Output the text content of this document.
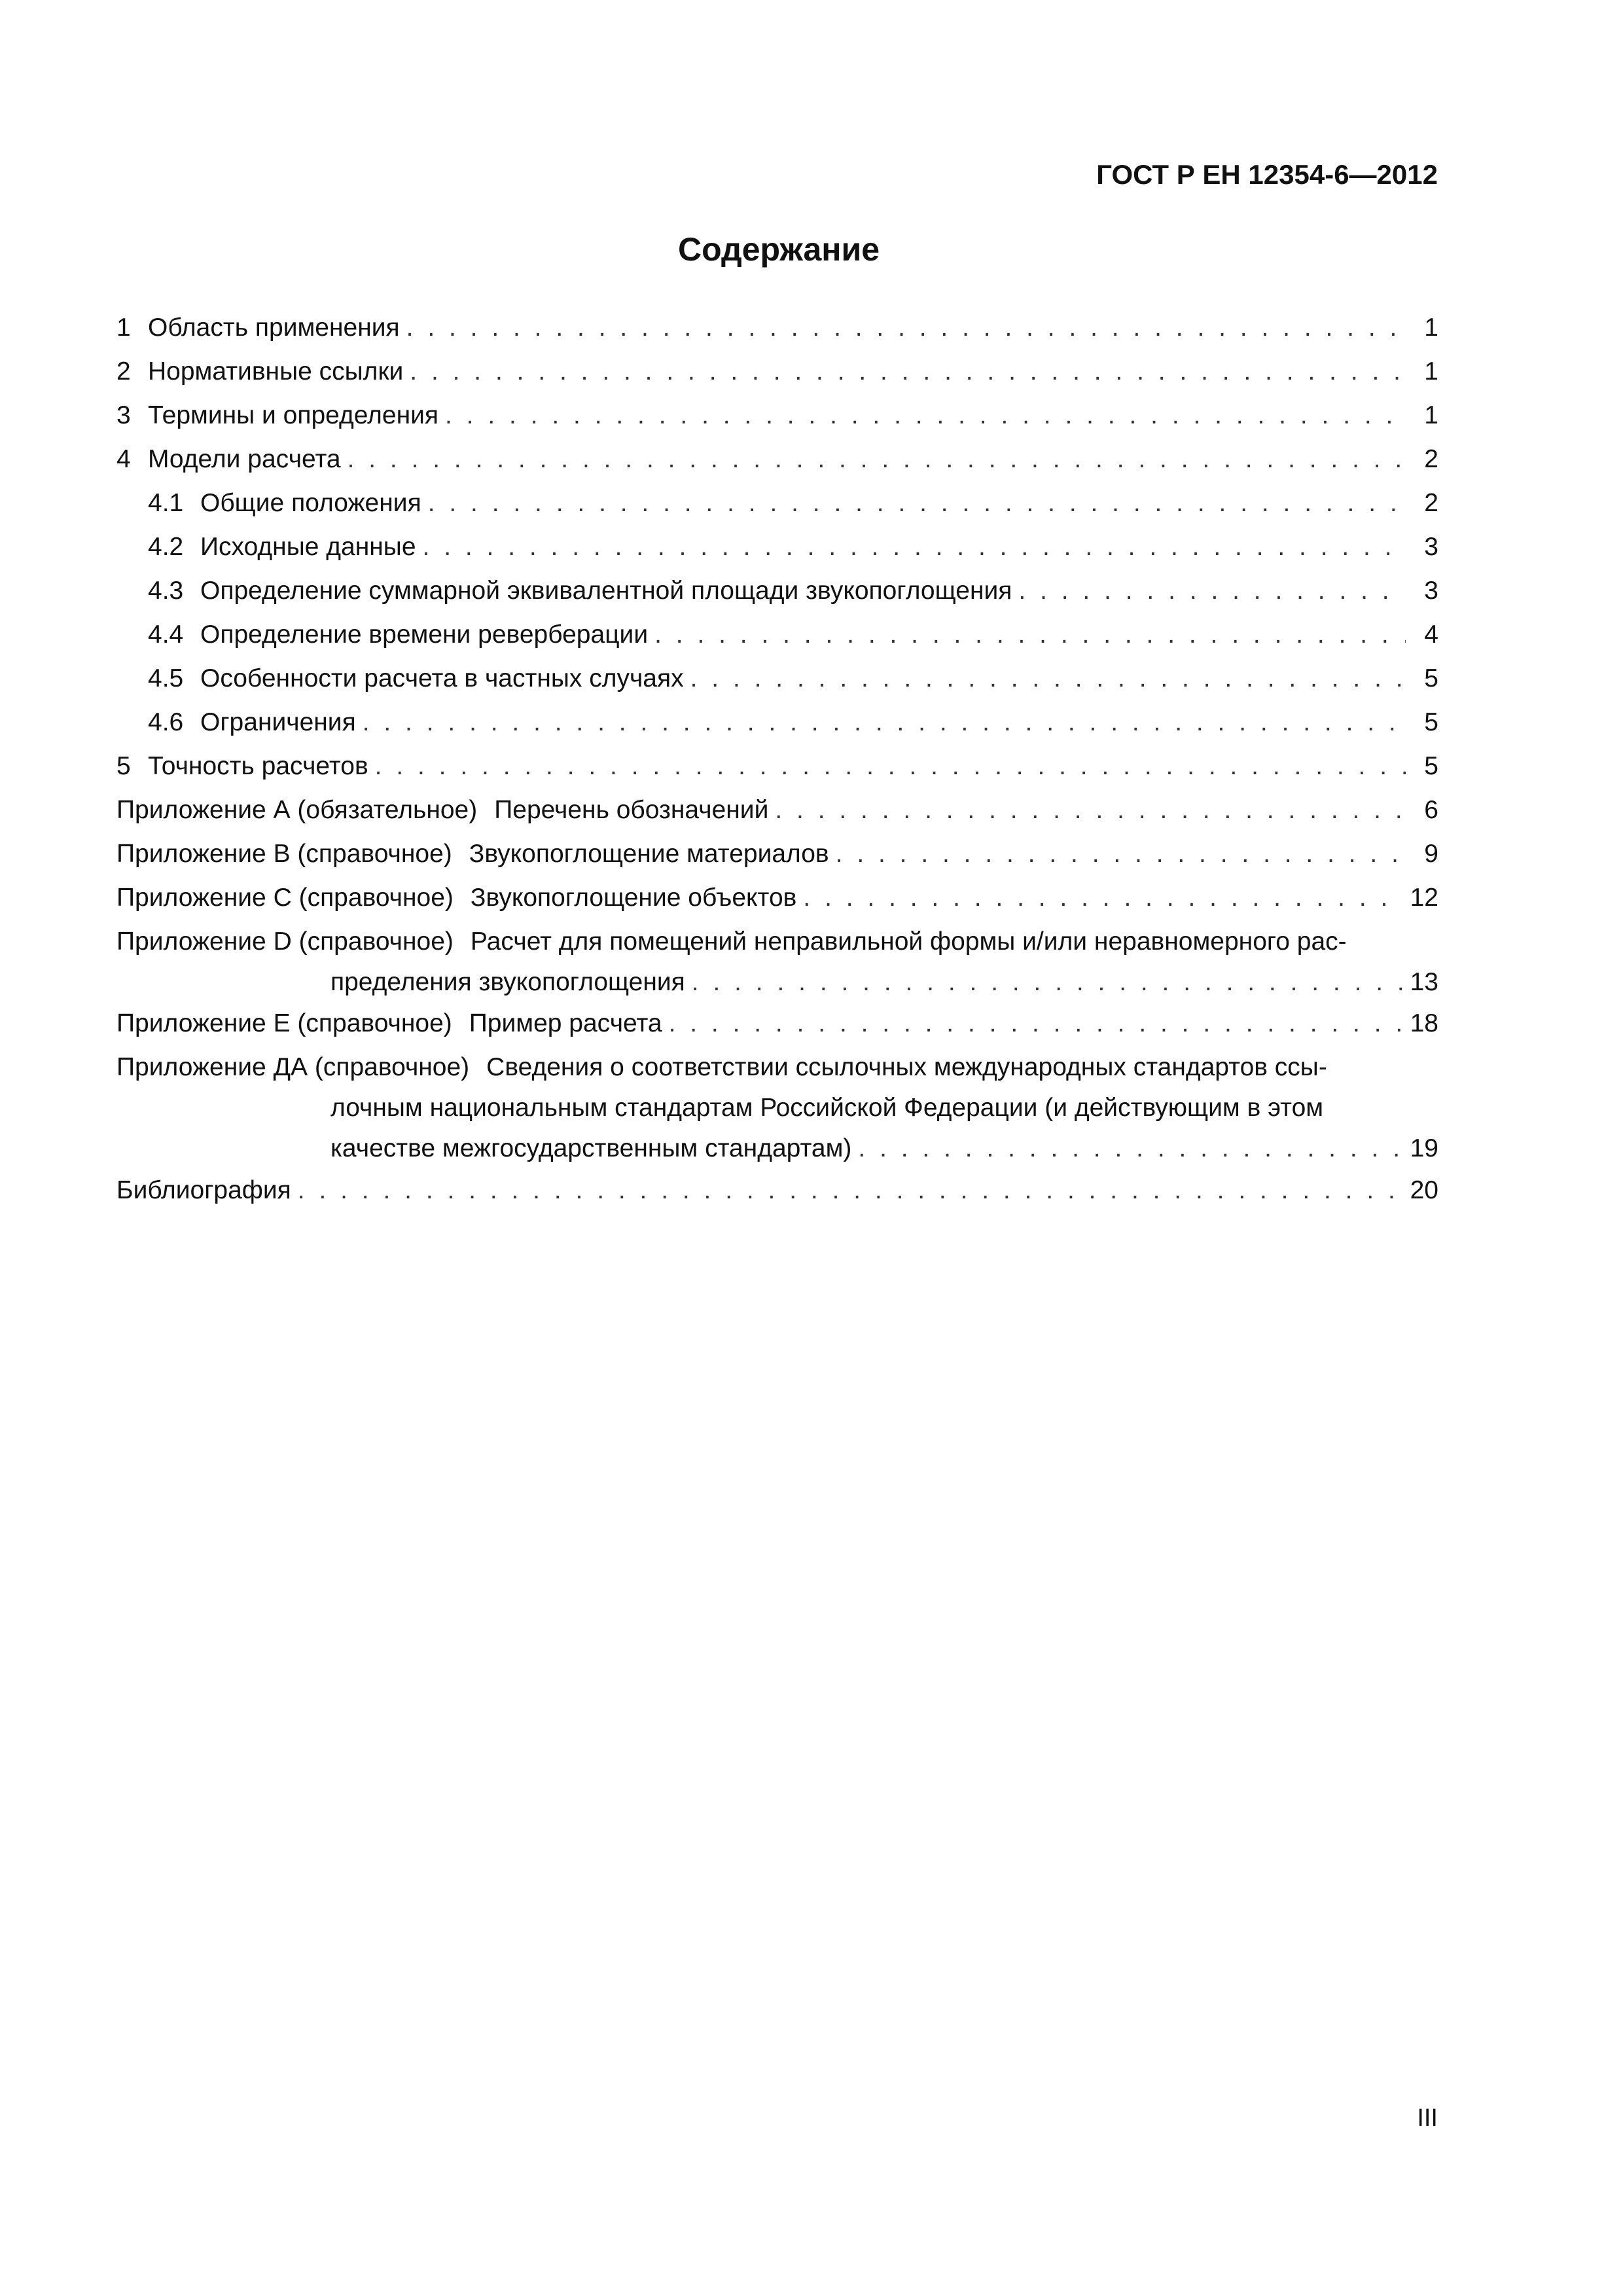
ГОСТ Р ЕН 12354-6—2012
Содержание
1 Область применения . . .	1
2 Нормативные ссылки . . .	1
3 Термины и определения . . .	1
4 Модели расчета . . .	2
4.1 Общие положения . . .	2
4.2 Исходные данные . . .	3
4.3 Определение суммарной эквивалентной площади звукопоглощения . . .	3
4.4 Определение времени реверберации . . .	4
4.5 Особенности расчета в частных случаях . . .	5
4.6 Ограничения . . .	5
5 Точность расчетов . . .	5
Приложение А (обязательное) Перечень обозначений . . .	6
Приложение В (справочное) Звукопоглощение материалов . . .	9
Приложение С (справочное) Звукопоглощение объектов . . .	12
Приложение D (справочное) Расчет для помещений неправильной формы и/или неравномерного рас-
пределения звукопоглощения . . .	13
Приложение Е (справочное) Пример расчета . . .	18
Приложение ДА (справочное) Сведения о соответствии ссылочных международных стандартов ссы-
лочным национальным стандартам Российской Федерации (и действующим в этом
качестве межгосударственным стандартам) . . .	19
Библиография . . .	20
III
